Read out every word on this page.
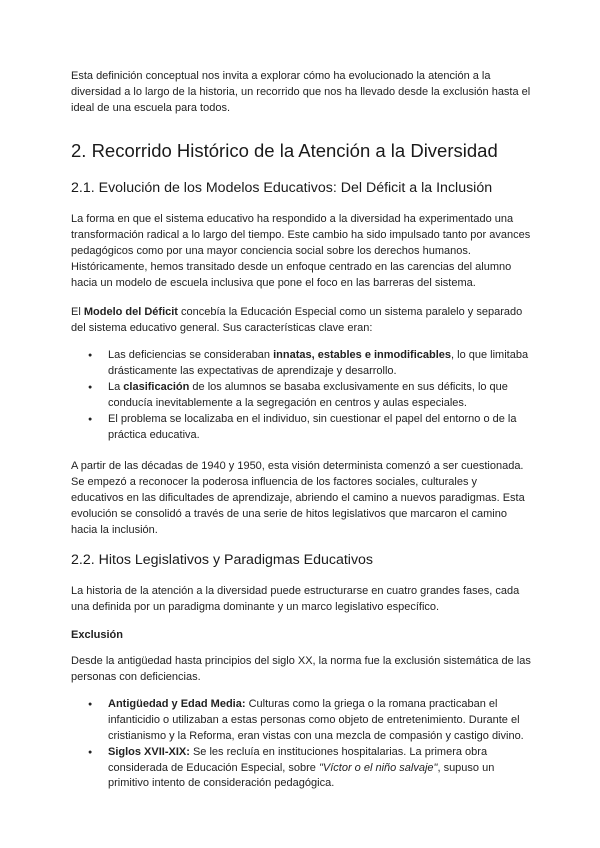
Esta definición conceptual nos invita a explorar cómo ha evolucionado la atención a la diversidad a lo largo de la historia, un recorrido que nos ha llevado desde la exclusión hasta el ideal de una escuela para todos.

2. Recorrido Histórico de la Atención a la Diversidad
2.1. Evolución de los Modelos Educativos: Del Déficit a la Inclusión

La forma en que el sistema educativo ha respondido a la diversidad ha experimentado una transformación radical a lo largo del tiempo. Este cambio ha sido impulsado tanto por avances pedagógicos como por una mayor conciencia social sobre los derechos humanos. Históricamente, hemos transitado desde un enfoque centrado en las carencias del alumno hacia un modelo de escuela inclusiva que pone el foco en las barreras del sistema.

El Modelo del Déficit concebía la Educación Especial como un sistema paralelo y separado del sistema educativo general. Sus características clave eran:

● Las deficiencias se consideraban innatas, estables e inmodificables, lo que limitaba drásticamente las expectativas de aprendizaje y desarrollo.
● La clasificación de los alumnos se basaba exclusivamente en sus déficits, lo que conducía inevitablemente a la segregación en centros y aulas especiales.
● El problema se localizaba en el individuo, sin cuestionar el papel del entorno o de la práctica educativa.

A partir de las décadas de 1940 y 1950, esta visión determinista comenzó a ser cuestionada. Se empezó a reconocer la poderosa influencia de los factores sociales, culturales y educativos en las dificultades de aprendizaje, abriendo el camino a nuevos paradigmas. Esta evolución se consolidó a través de una serie de hitos legislativos que marcaron el camino hacia la inclusión.

2.2. Hitos Legislativos y Paradigmas Educativos

La historia de la atención a la diversidad puede estructurarse en cuatro grandes fases, cada una definida por un paradigma dominante y un marco legislativo específico.

Exclusión

Desde la antigüedad hasta principios del siglo XX, la norma fue la exclusión sistemática de las personas con deficiencias.

● Antigüedad y Edad Media: Culturas como la griega o la romana practicaban el infanticidio o utilizaban a estas personas como objeto de entretenimiento. Durante el cristianismo y la Reforma, eran vistas con una mezcla de compasión y castigo divino.
● Siglos XVII-XIX: Se les recluía en instituciones hospitalarias. La primera obra considerada de Educación Especial, sobre "Víctor o el niño salvaje", supuso un primitivo intento de consideración pedagógica.
